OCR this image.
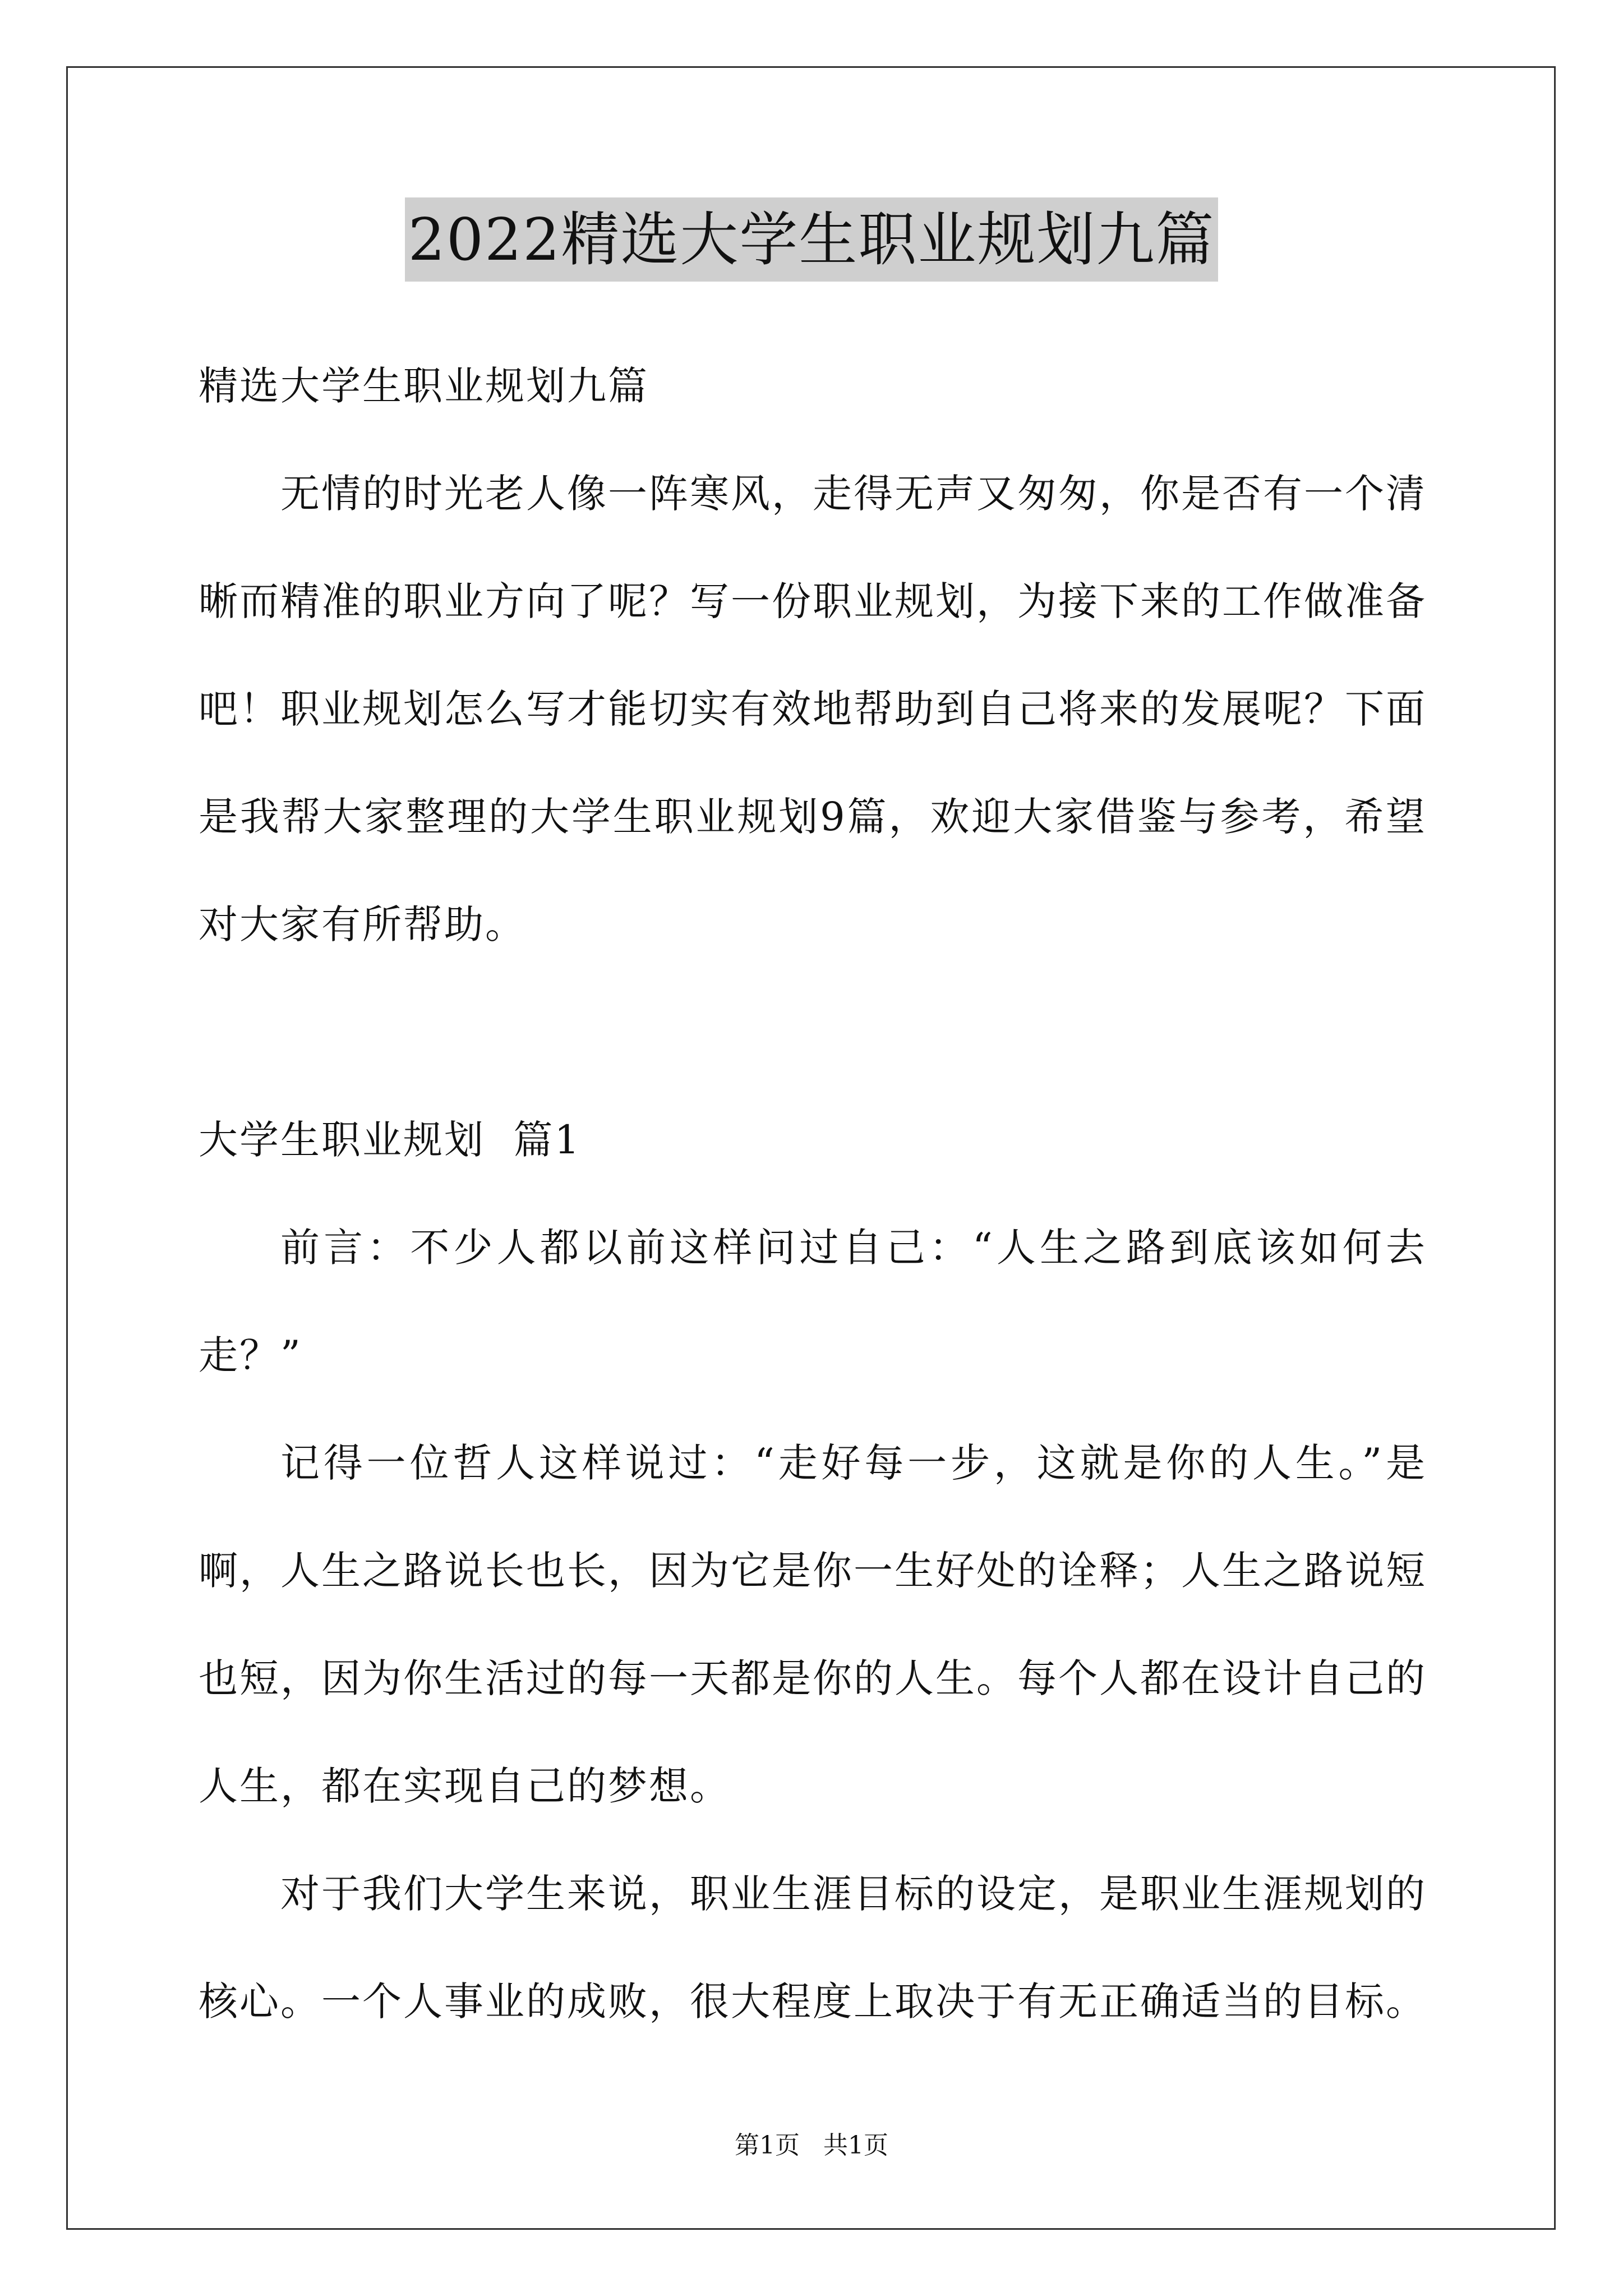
2022精选大学生职业规划九篇
精选大学生职业规划九篇
无情的时光老人像一阵寒风，走得无声又匆匆，你是否有一个清
晰而精准的职业方向了呢？写一份职业规划，为接下来的工作做准备
吧！职业规划怎么写才能切实有效地帮助到自己将来的发展呢？下面
是我帮大家整理的大学生职业规划9篇，欢迎大家借鉴与参考，希望
对大家有所帮助。
大学生职业规划  篇1
前言：不少人都以前这样问过自己：“人生之路到底该如何去
走？”
记得一位哲人这样说过：“走好每一步，这就是你的人生。”是
啊，人生之路说长也长，因为它是你一生好处的诠释；人生之路说短
也短，因为你生活过的每一天都是你的人生。每个人都在设计自己的
人生，都在实现自己的梦想。
对于我们大学生来说，职业生涯目标的设定，是职业生涯规划的
核心。一个人事业的成败，很大程度上取决于有无正确适当的目标。
第1页   共1页
